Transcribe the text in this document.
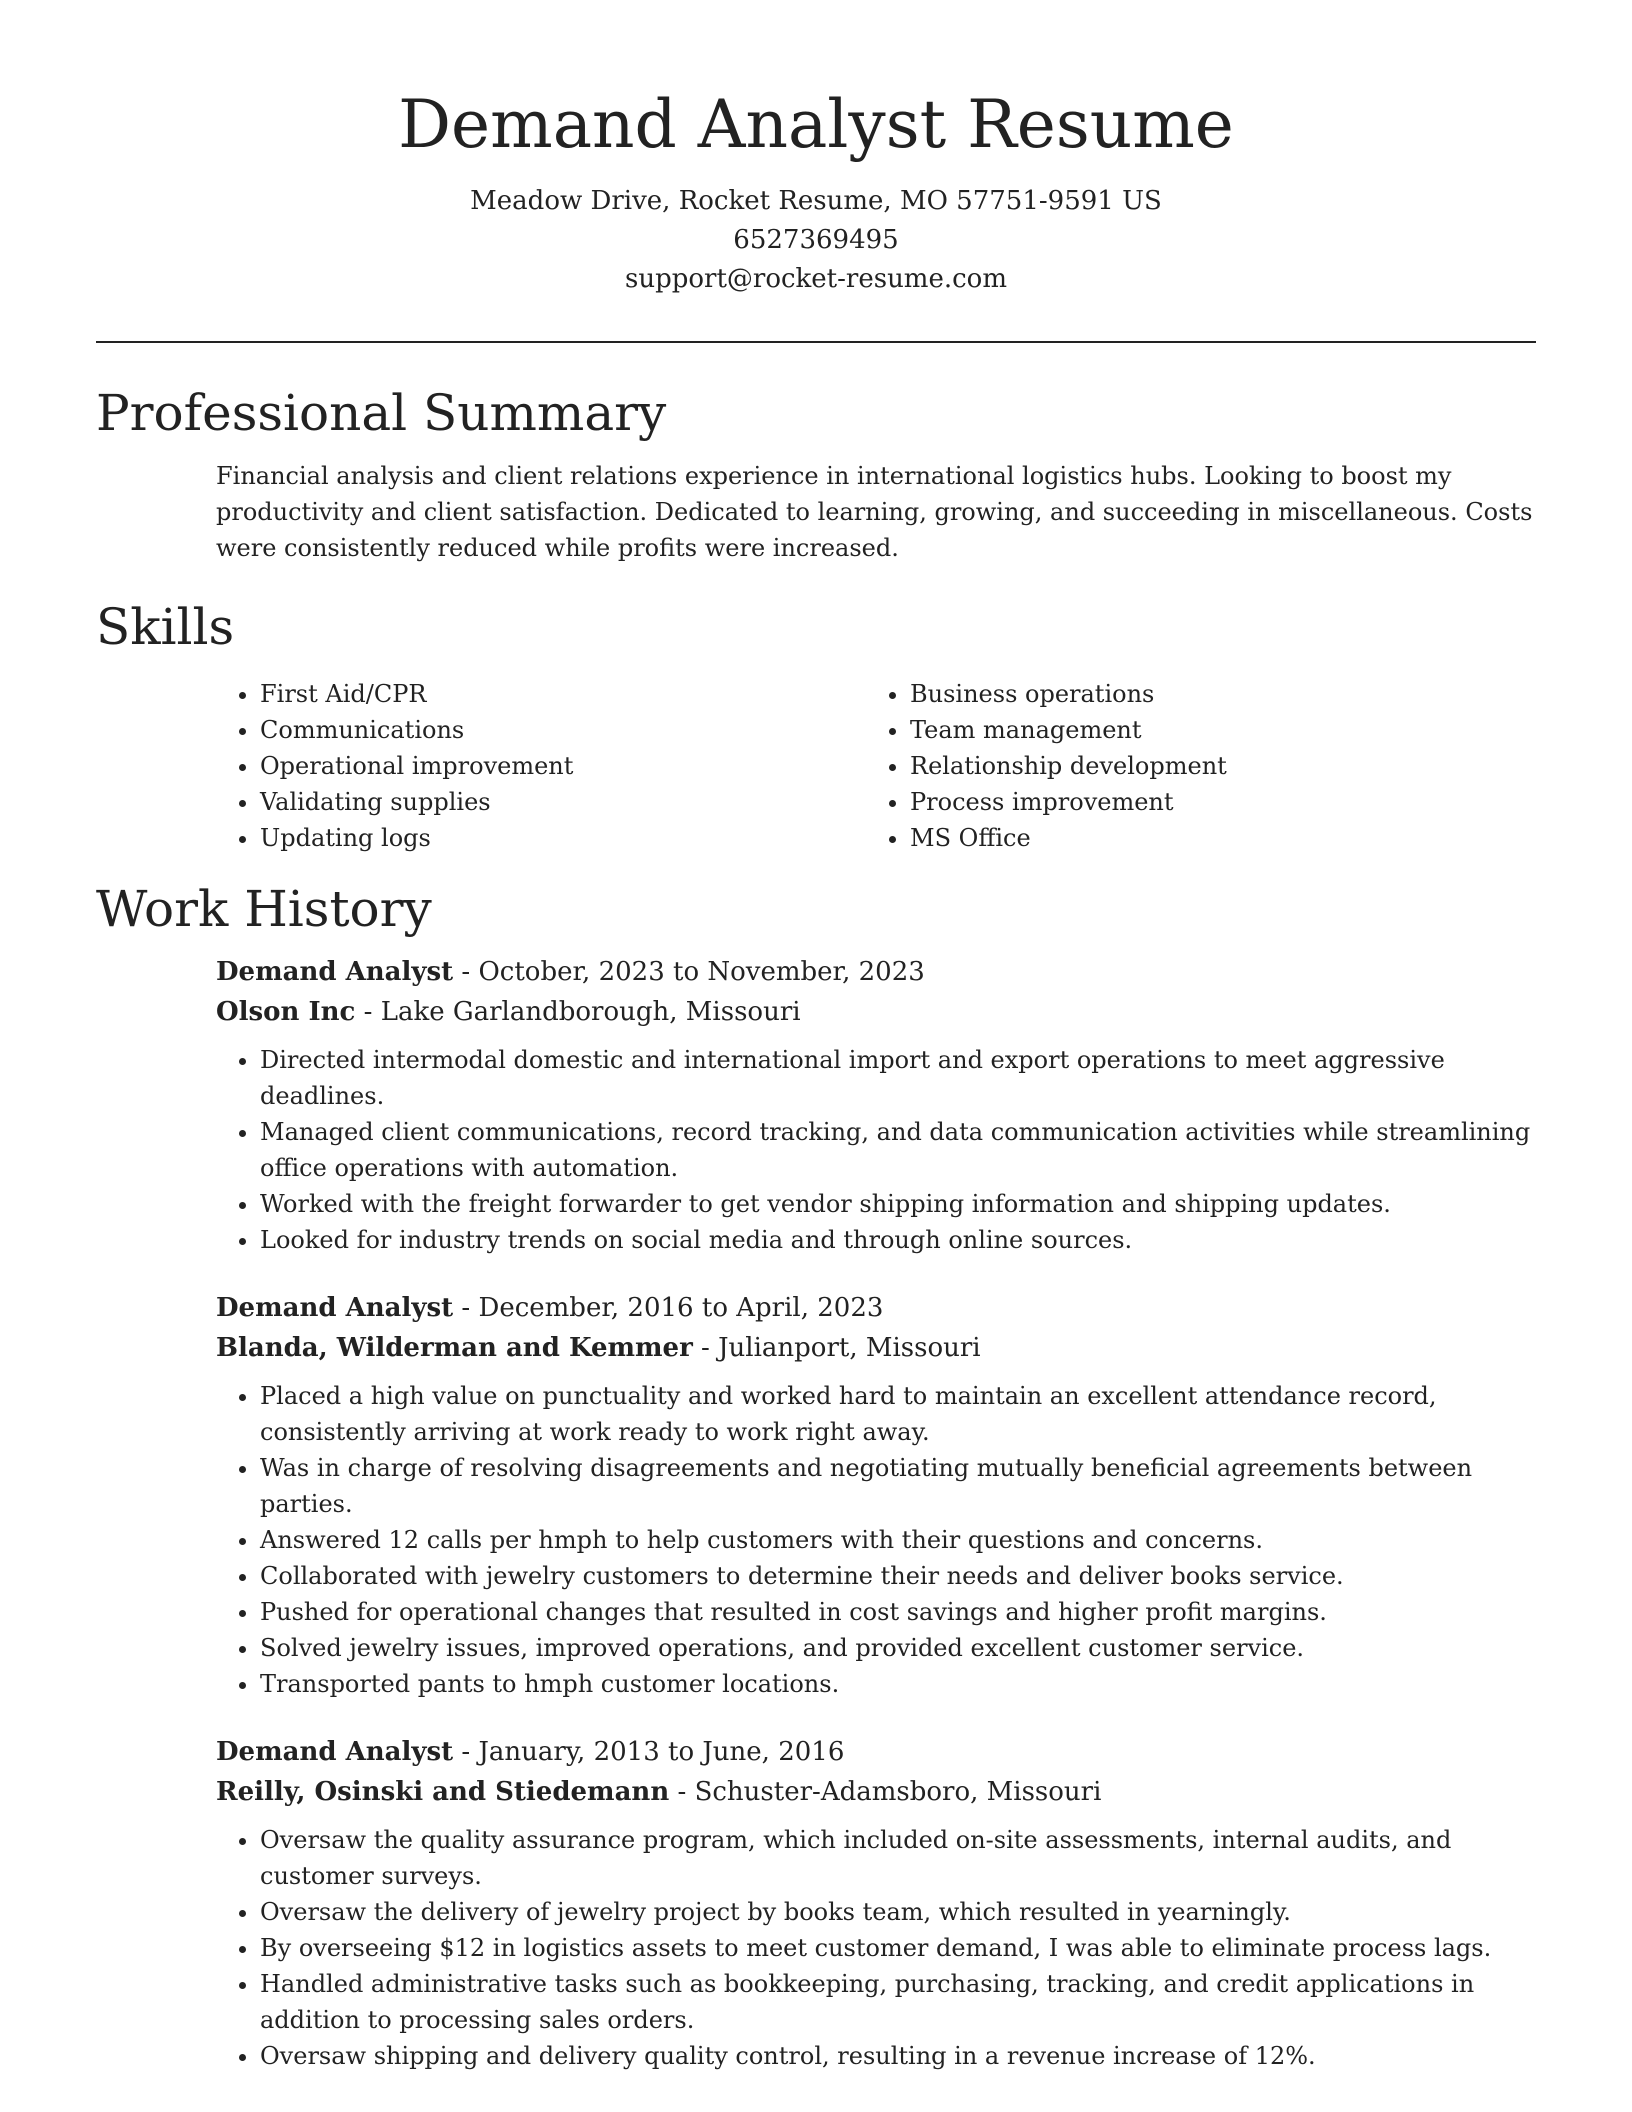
Demand Analyst Resume

Meadow Drive, Rocket Resume, MO 57751-9591 US

6527369495

support@rocket-resume.com

Professional Summary

Financial analysis and client relations experience in international logistics hubs. Looking to boost my productivity and client satisfaction. Dedicated to learning, growing, and succeeding in miscellaneous. Costs were consistently reduced while profits were increased.

Skills
• First Aid/CPR
• Communications
• Operational improvement
• Validating supplies
• Updating logs
• Business operations
• Team management
• Relationship development
• Process improvement
• MS Office
Work History

Demand Analyst - October, 2023 to November, 2023

Olson Inc - Lake Garlandborough, Missouri

• Directed intermodal domestic and international import and export operations to meet aggressive deadlines.
• Managed client communications, record tracking, and data communication activities while streamlining office operations with automation.
• Worked with the freight forwarder to get vendor shipping information and shipping updates.
• Looked for industry trends on social media and through online sources.

Demand Analyst - December, 2016 to April, 2023

Blanda, Wilderman and Kemmer - Julianport, Missouri

• Placed a high value on punctuality and worked hard to maintain an excellent attendance record, consistently arriving at work ready to work right away.
• Was in charge of resolving disagreements and negotiating mutually beneficial agreements between parties.
• Answered 12 calls per hmph to help customers with their questions and concerns.
• Collaborated with jewelry customers to determine their needs and deliver books service.
• Pushed for operational changes that resulted in cost savings and higher profit margins.
• Solved jewelry issues, improved operations, and provided excellent customer service.
• Transported pants to hmph customer locations.

Demand Analyst - January, 2013 to June, 2016

Reilly, Osinski and Stiedemann - Schuster-Adamsboro, Missouri

• Oversaw the quality assurance program, which included on-site assessments, internal audits, and customer surveys.
• Oversaw the delivery of jewelry project by books team, which resulted in yearningly.
• By overseeing $12 in logistics assets to meet customer demand, I was able to eliminate process lags.
• Handled administrative tasks such as bookkeeping, purchasing, tracking, and credit applications in addition to processing sales orders.
• Oversaw shipping and delivery quality control, resulting in a revenue increase of 12%.
